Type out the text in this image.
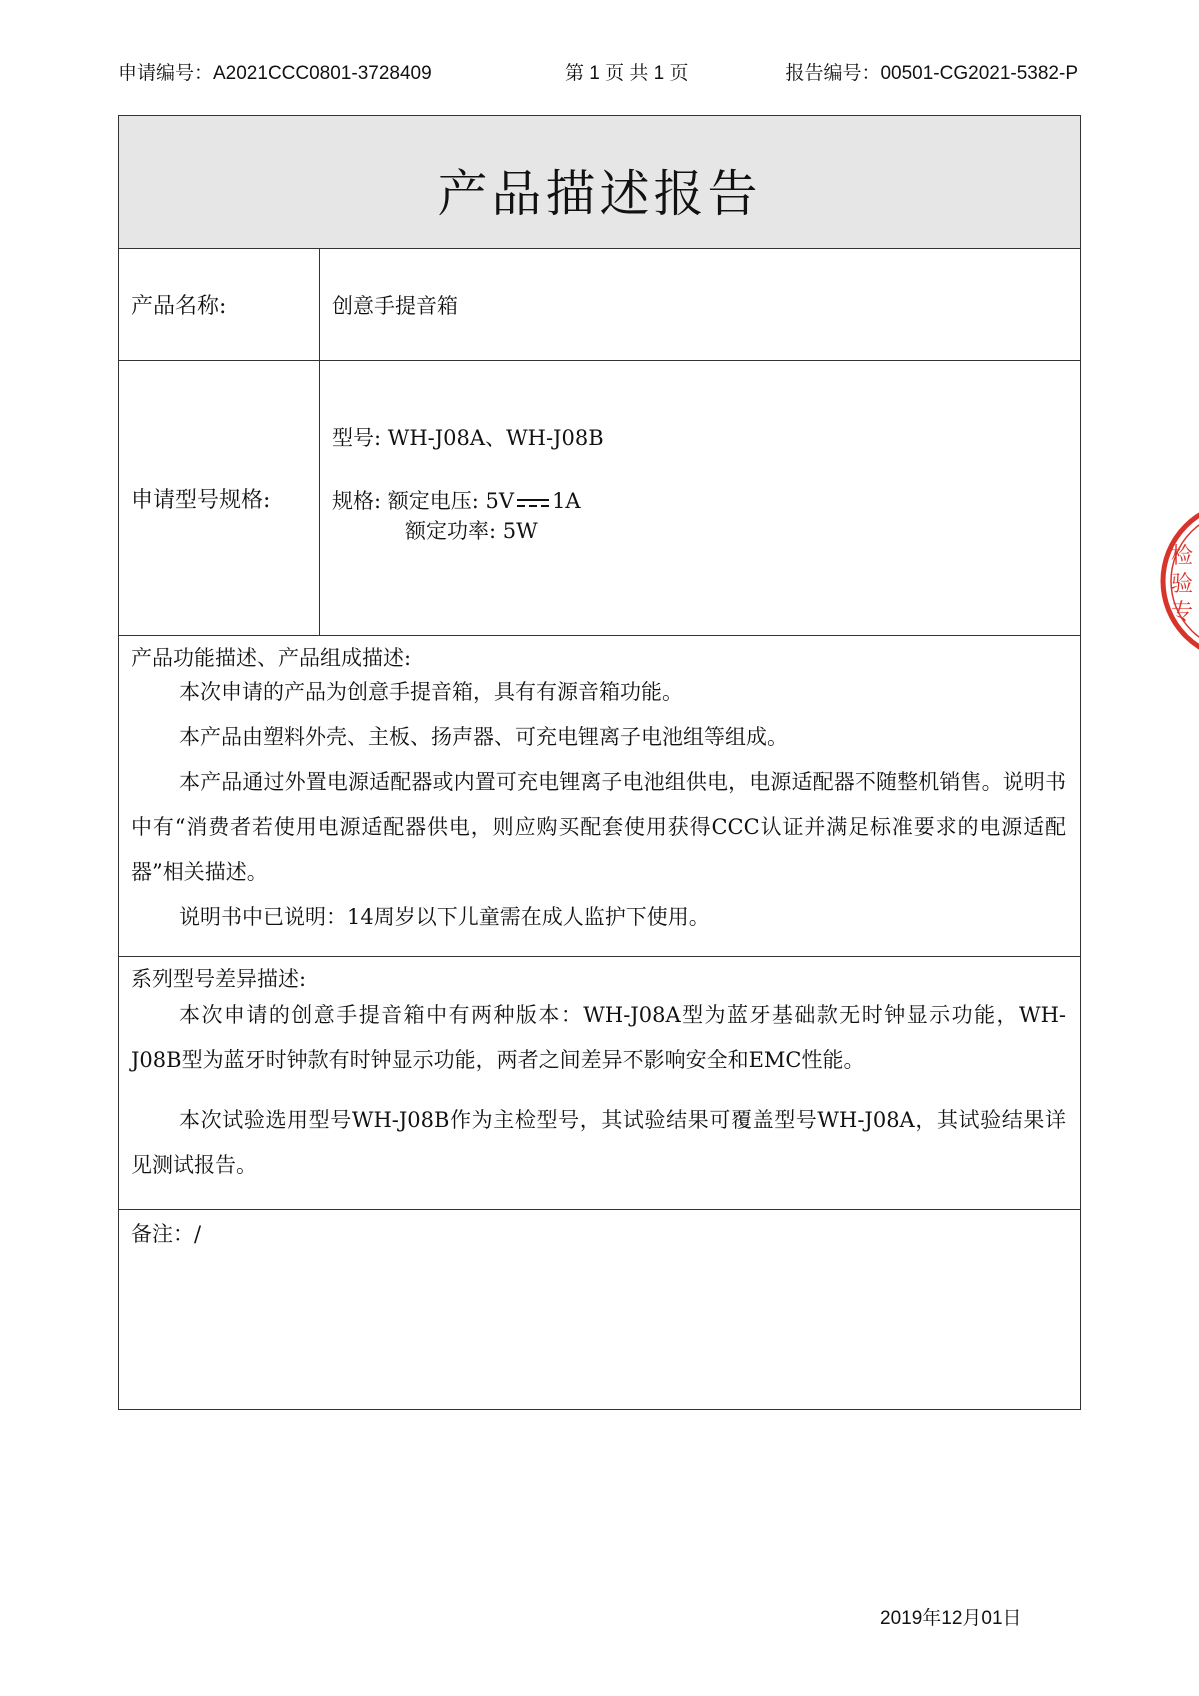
申请编号：A2021CCC0801-3728409	第 1 页 共 1 页	报告编号：00501-CG2021-5382-P
产品描述报告
产品名称:	创意手提音箱
申请型号规格:
型号: WH-J08A、WH-J08B
规格: 额定电压: 5V 1A
额定功率: 5W
产品功能描述、产品组成描述:
本次申请的产品为创意手提音箱，具有有源音箱功能。
本产品由塑料外壳、主板、扬声器、可充电锂离子电池组等组成。
本产品通过外置电源适配器或内置可充电锂离子电池组供电，电源适配器不随整机销售。说明书中有“消费者若使用电源适配器供电，则应购买配套使用获得CCC认证并满足标准要求的电源适配器”相关描述。
说明书中已说明：14周岁以下儿童需在成人监护下使用。
系列型号差异描述:
本次申请的创意手提音箱中有两种版本：WH-J08A型为蓝牙基础款无时钟显示功能，WH-J08B型为蓝牙时钟款有时钟显示功能，两者之间差异不影响安全和EMC性能。
本次试验选用型号WH-J08B作为主检型号，其试验结果可覆盖型号WH-J08A，其试验结果详见测试报告。
备注：/
2019年12月01日
检
验
专
